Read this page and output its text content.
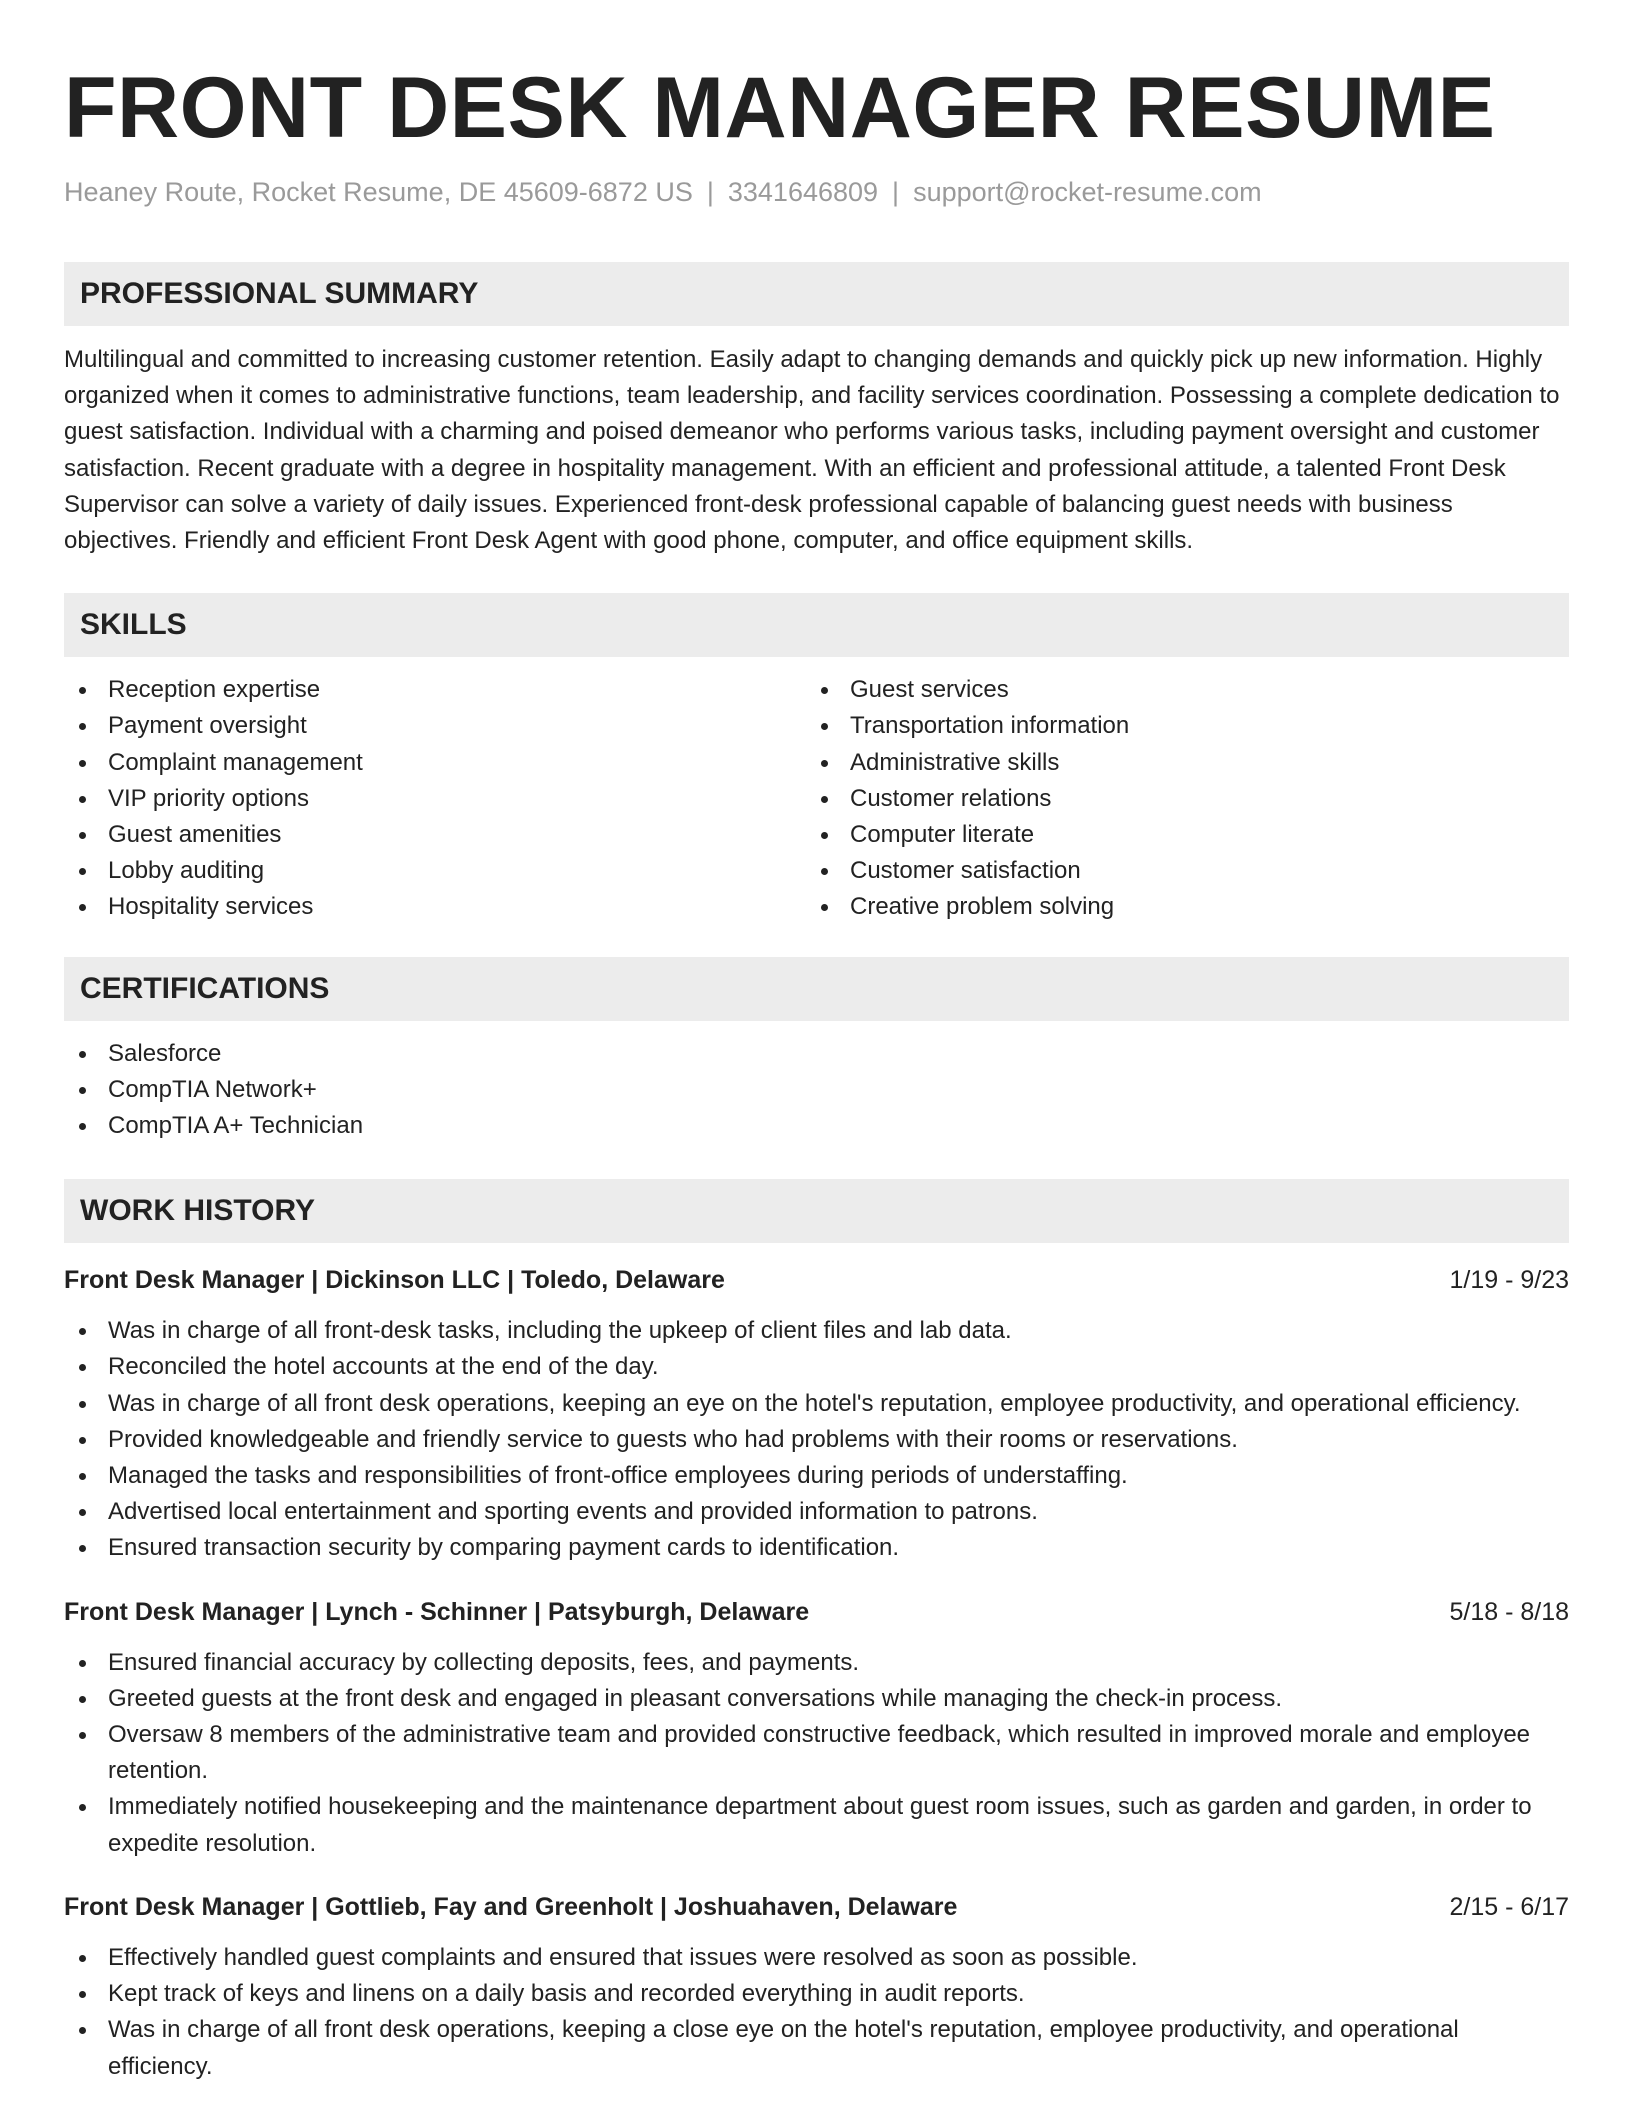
FRONT DESK MANAGER RESUME
Heaney Route, Rocket Resume, DE 45609-6872 US | 3341646809 | support@rocket-resume.com
PROFESSIONAL SUMMARY

Multilingual and committed to increasing customer retention. Easily adapt to changing demands and quickly pick up new information. Highly organized when it comes to administrative functions, team leadership, and facility services coordination. Possessing a complete dedication to guest satisfaction. Individual with a charming and poised demeanor who performs various tasks, including payment oversight and customer satisfaction. Recent graduate with a degree in hospitality management. With an efficient and professional attitude, a talented Front Desk Supervisor can solve a variety of daily issues. Experienced front-desk professional capable of balancing guest needs with business objectives. Friendly and efficient Front Desk Agent with good phone, computer, and office equipment skills.

SKILLS
Reception expertise
Payment oversight
Complaint management
VIP priority options
Guest amenities
Lobby auditing
Hospitality services
Guest services
Transportation information
Administrative skills
Customer relations
Computer literate
Customer satisfaction
Creative problem solving
CERTIFICATIONS
Salesforce
CompTIA Network+
CompTIA A+ Technician
WORK HISTORY
Front Desk Manager | Dickinson LLC | Toledo, Delaware	1/19 - 9/23
Was in charge of all front-desk tasks, including the upkeep of client files and lab data.
Reconciled the hotel accounts at the end of the day.
Was in charge of all front desk operations, keeping an eye on the hotel's reputation, employee productivity, and operational efficiency.
Provided knowledgeable and friendly service to guests who had problems with their rooms or reservations.
Managed the tasks and responsibilities of front-office employees during periods of understaffing.
Advertised local entertainment and sporting events and provided information to patrons.
Ensured transaction security by comparing payment cards to identification.
Front Desk Manager | Lynch - Schinner | Patsyburgh, Delaware	5/18 - 8/18
Ensured financial accuracy by collecting deposits, fees, and payments.
Greeted guests at the front desk and engaged in pleasant conversations while managing the check-in process.
Oversaw 8 members of the administrative team and provided constructive feedback, which resulted in improved morale and employee retention.
Immediately notified housekeeping and the maintenance department about guest room issues, such as garden and garden, in order to expedite resolution.
Front Desk Manager | Gottlieb, Fay and Greenholt | Joshuahaven, Delaware	2/15 - 6/17
Effectively handled guest complaints and ensured that issues were resolved as soon as possible.
Kept track of keys and linens on a daily basis and recorded everything in audit reports.
Was in charge of all front desk operations, keeping a close eye on the hotel's reputation, employee productivity, and operational efficiency.
